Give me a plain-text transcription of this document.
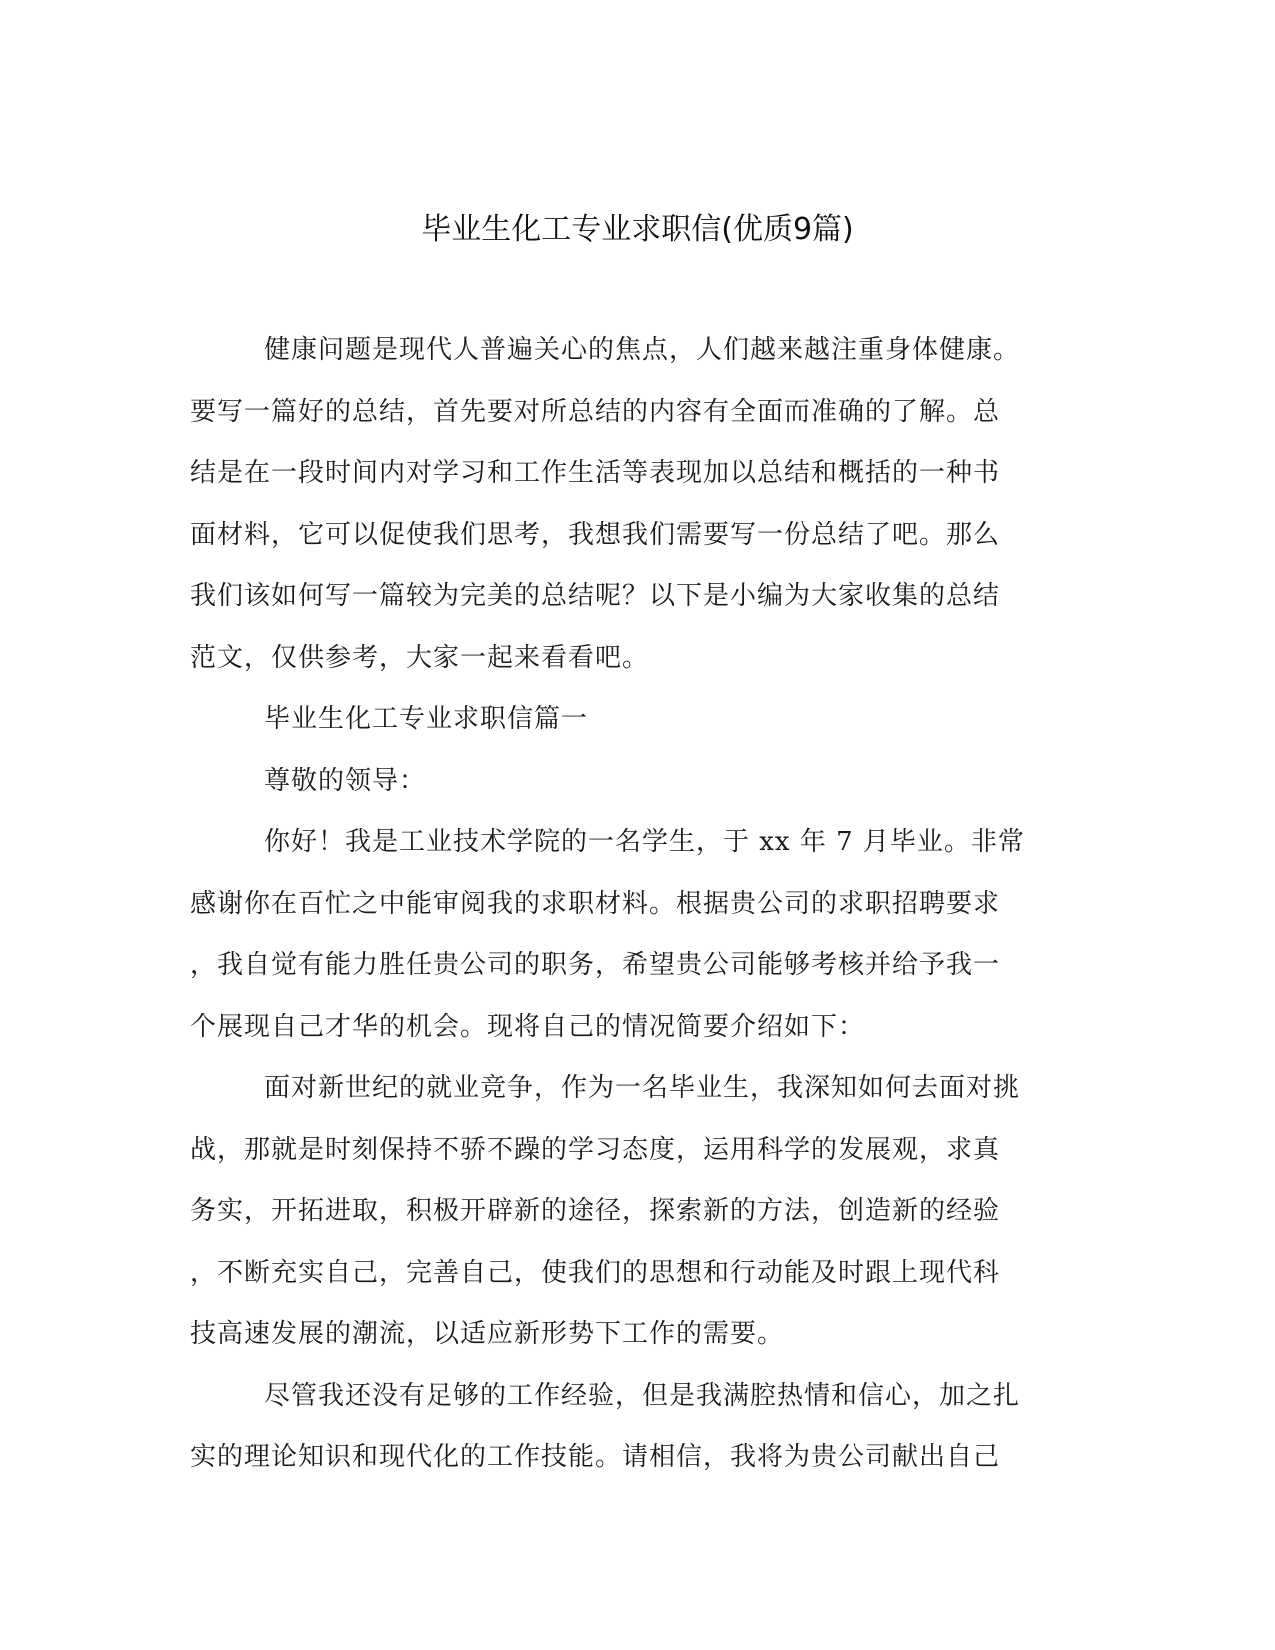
毕业生化工专业求职信(优质9篇)
健康问题是现代人普遍关心的焦点，人们越来越注重身体健康。
要写一篇好的总结，首先要对所总结的内容有全面而准确的了解。总
结是在一段时间内对学习和工作生活等表现加以总结和概括的一种书
面材料，它可以促使我们思考，我想我们需要写一份总结了吧。那么
我们该如何写一篇较为完美的总结呢？以下是小编为大家收集的总结
范文，仅供参考，大家一起来看看吧。
毕业生化工专业求职信篇一
尊敬的领导：
你好！我是工业技术学院的一名学生，于 xx 年 7 月毕业。非常
感谢你在百忙之中能审阅我的求职材料。根据贵公司的求职招聘要求
，我自觉有能力胜任贵公司的职务，希望贵公司能够考核并给予我一
个展现自己才华的机会。现将自己的情况简要介绍如下：
面对新世纪的就业竞争，作为一名毕业生，我深知如何去面对挑
战，那就是时刻保持不骄不躁的学习态度，运用科学的发展观，求真
务实，开拓进取，积极开辟新的途径，探索新的方法，创造新的经验
，不断充实自己，完善自己，使我们的思想和行动能及时跟上现代科
技高速发展的潮流，以适应新形势下工作的需要。
尽管我还没有足够的工作经验，但是我满腔热情和信心，加之扎
实的理论知识和现代化的工作技能。请相信，我将为贵公司献出自己
